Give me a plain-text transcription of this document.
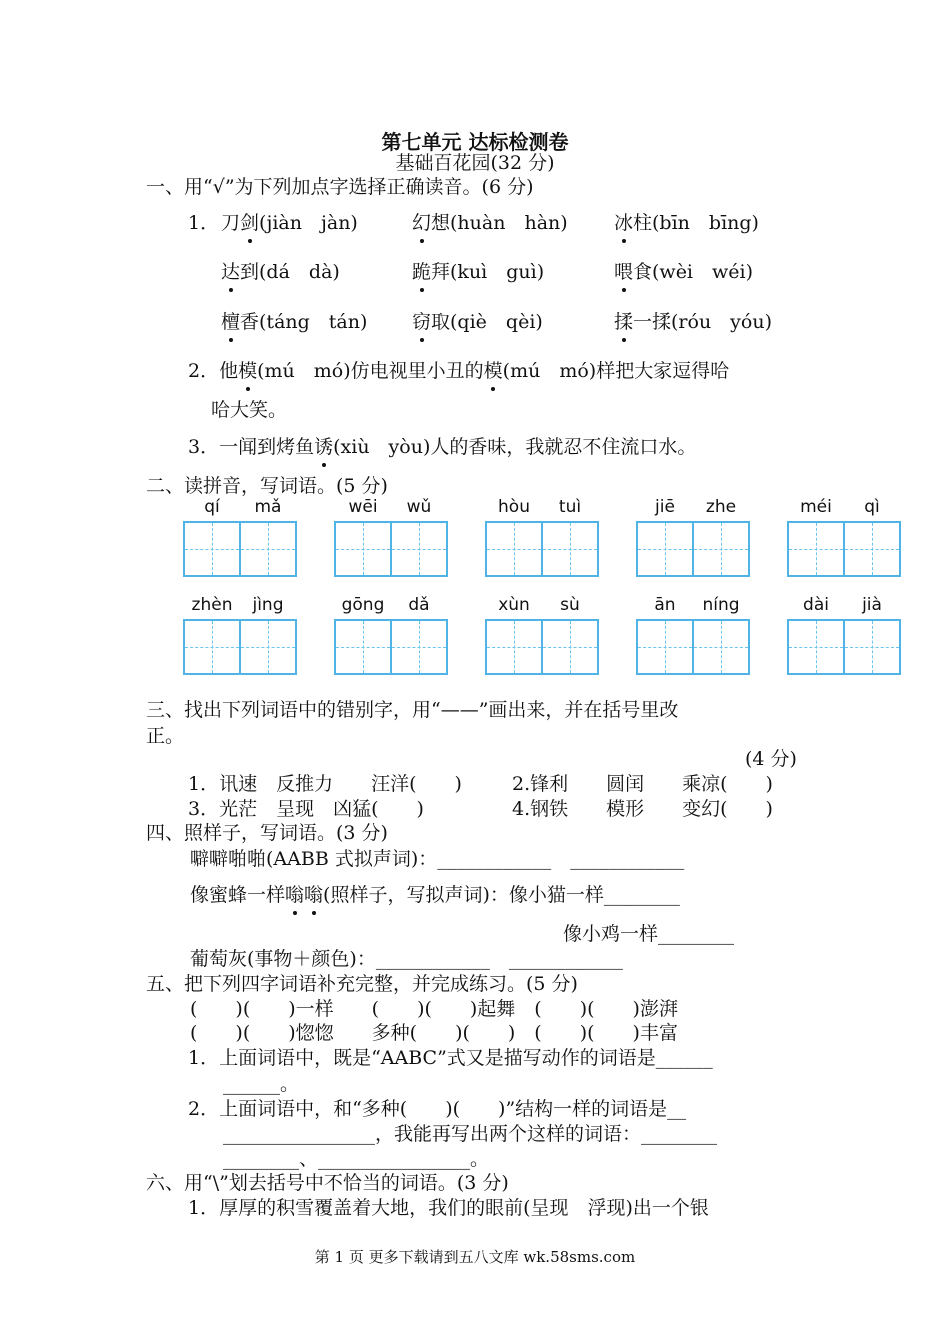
第七单元 达标检测卷
基础百花园(32 分)
一、用“√”为下列加点字选择正确读音。(6 分)
1． 刀剑(jiàn　jàn)	幻想(huàn　hàn) 冰柱(bīn　bīng)
达到(dá　dà)	跪拜(kuì　guì)	喂食(wèi　wéi)
檀香(táng　tán) 窃取(qiè　qèi)	揉一揉(róu　yóu)
2．他模(mú　mó)仿电视里小丑的模(mú　mó)样把大家逗得哈
哈大笑。
3．一闻到烤鱼诱(xiù　yòu)人的香味，我就忍不住流口水。
二、读拼音，写词语。(5 分)
qí	mǎ	wēi	wǔ	hòu	tuì	jiē	zhe	méi	qì
zhèn	jìng	gōng	dǎ	xùn	sù	ān	níng	dài	jià
三、找出下列词语中的错别字，用“——”画出来，并在括号里改
正。
(4 分)
1．讯速　反推力　　汪洋(　　)	2.锋利　　圆闰　　乘凉(　　)
3．光茫　呈现　凶猛(　　)	4.钢铁　　模形　　变幻(　　)
四、照样子，写词语。(3 分)
噼噼啪啪(AABB 式拟声词)：____________　____________
像蜜蜂一样嗡嗡(照样子，写拟声词)：像小猫一样________
像小鸡一样________
葡萄灰(事物＋颜色)：____________　____________
五、把下列四字词语补充完整，并完成练习。(5 分)
(　　)(　　)一样　　(　　)(　　)起舞　(　　)(　　)澎湃
(　　)(　　)惚惚　　多种(　　)(　　)　(　　)(　　)丰富
1．上面词语中，既是“AABC”式又是描写动作的词语是______
______。
2．上面词语中，和“多种(　　)(　　)”结构一样的词语是__
________________，我能再写出两个这样的词语：________
________、________________。
六、用“\”划去括号中不恰当的词语。(3 分)
1．厚厚的积雪覆盖着大地，我们的眼前(呈现　浮现)出一个银
第 1 页 更多下载请到五八文库 wk.58sms.com
